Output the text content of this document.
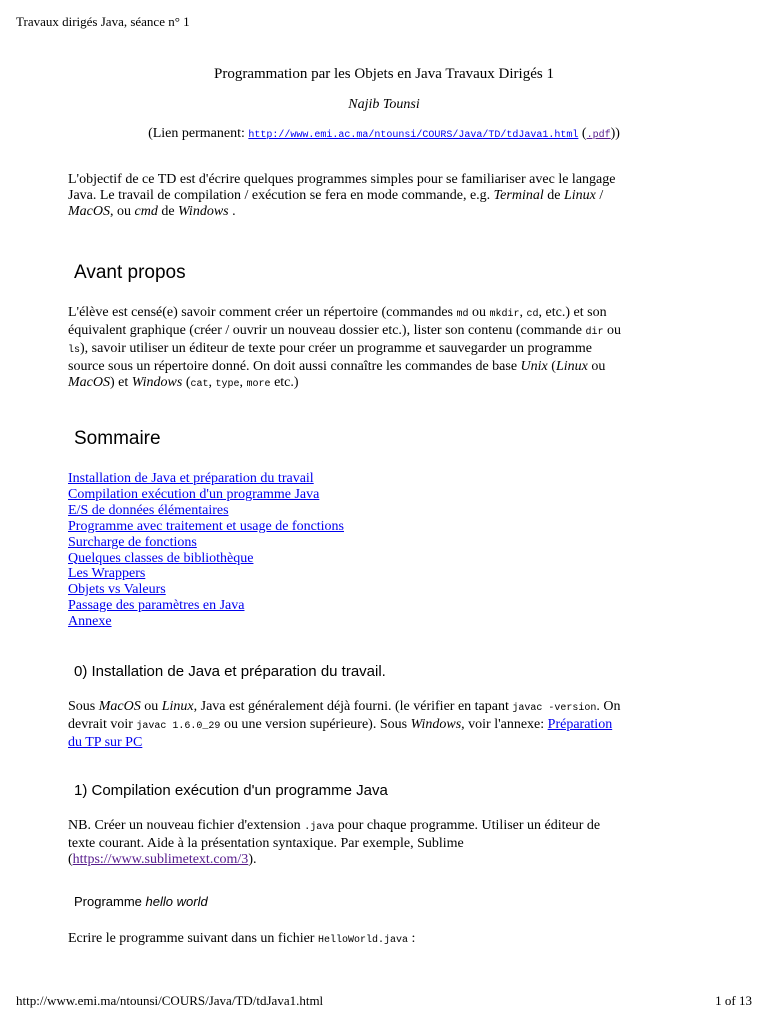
Travaux dirigés Java, séance n° 1
Programmation par les Objets en Java Travaux Dirigés 1
Najib Tounsi
(Lien permanent: http://www.emi.ac.ma/ntounsi/COURS/Java/TD/tdJava1.html (.pdf))
L'objectif de ce TD est d'écrire quelques programmes simples pour se familiariser avec le langage
Java. Le travail de compilation / exécution se fera en mode commande, e.g. Terminal de Linux /
MacOS, ou cmd de Windows .
Avant propos
L'élève est censé(e) savoir comment créer un répertoire (commandes md ou mkdir, cd, etc.) et son
équivalent graphique (créer / ouvrir un nouveau dossier etc.), lister son contenu (commande dir ou
ls), savoir utiliser un éditeur de texte pour créer un programme et sauvegarder un programme
source sous un répertoire donné. On doit aussi connaître les commandes de base Unix (Linux ou
MacOS) et Windows (cat, type, more etc.)
Sommaire
Installation de Java et préparation du travail
Compilation exécution d'un programme Java
E/S de données élémentaires
Programme avec traitement et usage de fonctions
Surcharge de fonctions
Quelques classes de bibliothèque
Les Wrappers
Objets vs Valeurs
Passage des paramètres en Java
Annexe
0) Installation de Java et préparation du travail.
Sous MacOS ou Linux, Java est généralement déjà fourni. (le vérifier en tapant javac -version. On
devrait voir javac 1.6.0_29 ou une version supérieure). Sous Windows, voir l'annexe: Préparation
du TP sur PC
1) Compilation exécution d'un programme Java
NB. Créer un nouveau fichier d'extension .java pour chaque programme. Utiliser un éditeur de
texte courant. Aide à la présentation syntaxique. Par exemple, Sublime
(https://www.sublimetext.com/3).
Programme hello world
Ecrire le programme suivant dans un fichier HelloWorld.java :
http://www.emi.ma/ntounsi/COURS/Java/TD/tdJava1.html	1 of 13
